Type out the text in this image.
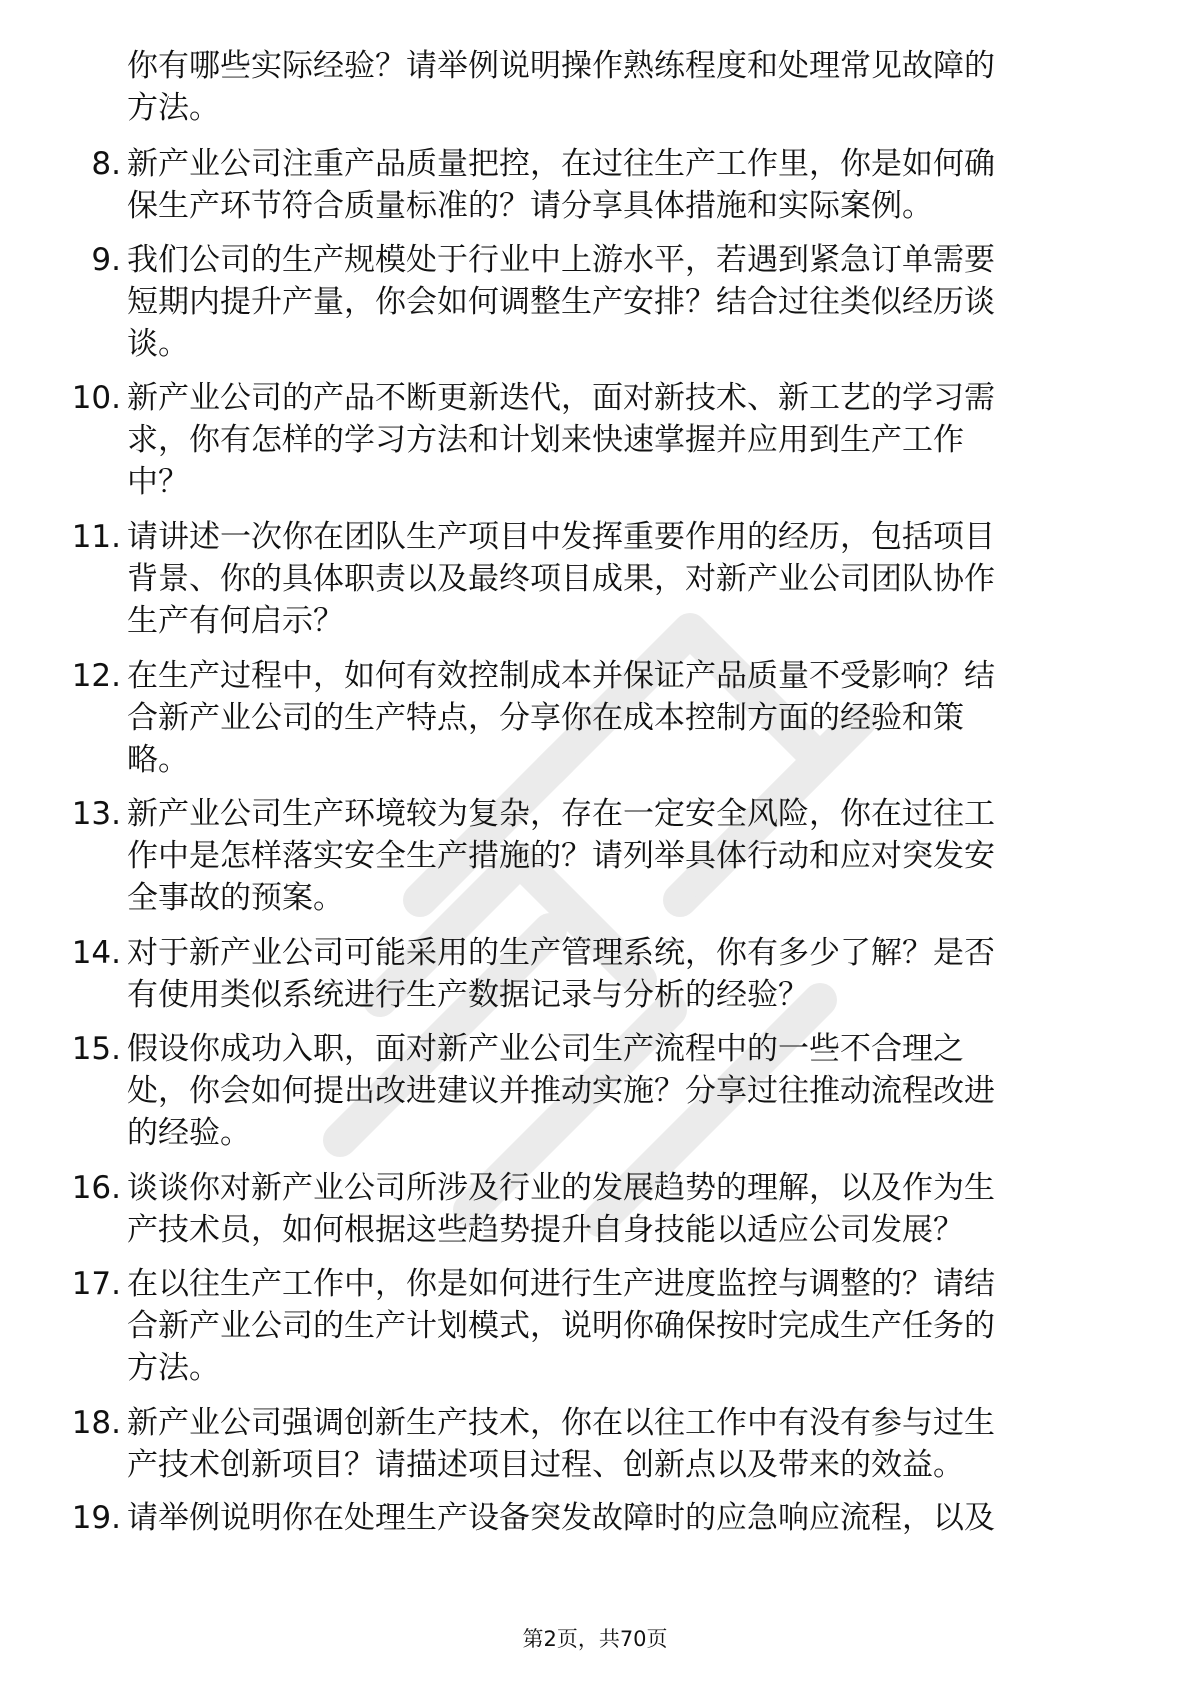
你有哪些实际经验？请举例说明操作熟练程度和处理常见故障的
方法。
8. 新产业公司注重产品质量把控，在过往生产工作里，你是如何确

保生产环节符合质量标准的？请分享具体措施和实际案例。

9. 我们公司的生产规模处于行业中上游水平，若遇到紧急订单需要

短期内提升产量，你会如何调整生产安排？结合过往类似经历谈

谈。

10. 新产业公司的产品不断更新迭代，面对新技术、新工艺的学习需

求，你有怎样的学习方法和计划来快速掌握并应用到生产工作

中？

11. 请讲述一次你在团队生产项目中发挥重要作用的经历，包括项目

背景、你的具体职责以及最终项目成果，对新产业公司团队协作

生产有何启示？

12. 在生产过程中，如何有效控制成本并保证产品质量不受影响？结

合新产业公司的生产特点，分享你在成本控制方面的经验和策

略。

13. 新产业公司生产环境较为复杂，存在一定安全风险，你在过往工

作中是怎样落实安全生产措施的？请列举具体行动和应对突发安

全事故的预案。

14. 对于新产业公司可能采用的生产管理系统，你有多少了解？是否

有使用类似系统进行生产数据记录与分析的经验？

15. 假设你成功入职，面对新产业公司生产流程中的一些不合理之

处，你会如何提出改进建议并推动实施？分享过往推动流程改进

的经验。

16. 谈谈你对新产业公司所涉及行业的发展趋势的理解，以及作为生

产技术员，如何根据这些趋势提升自身技能以适应公司发展？

17. 在以往生产工作中，你是如何进行生产进度监控与调整的？请结

合新产业公司的生产计划模式，说明你确保按时完成生产任务的

方法。

18. 新产业公司强调创新生产技术，你在以往工作中有没有参与过生

产技术创新项目？请描述项目过程、创新点以及带来的效益。

19. 请举例说明你在处理生产设备突发故障时的应急响应流程，以及

第2页，共70页
